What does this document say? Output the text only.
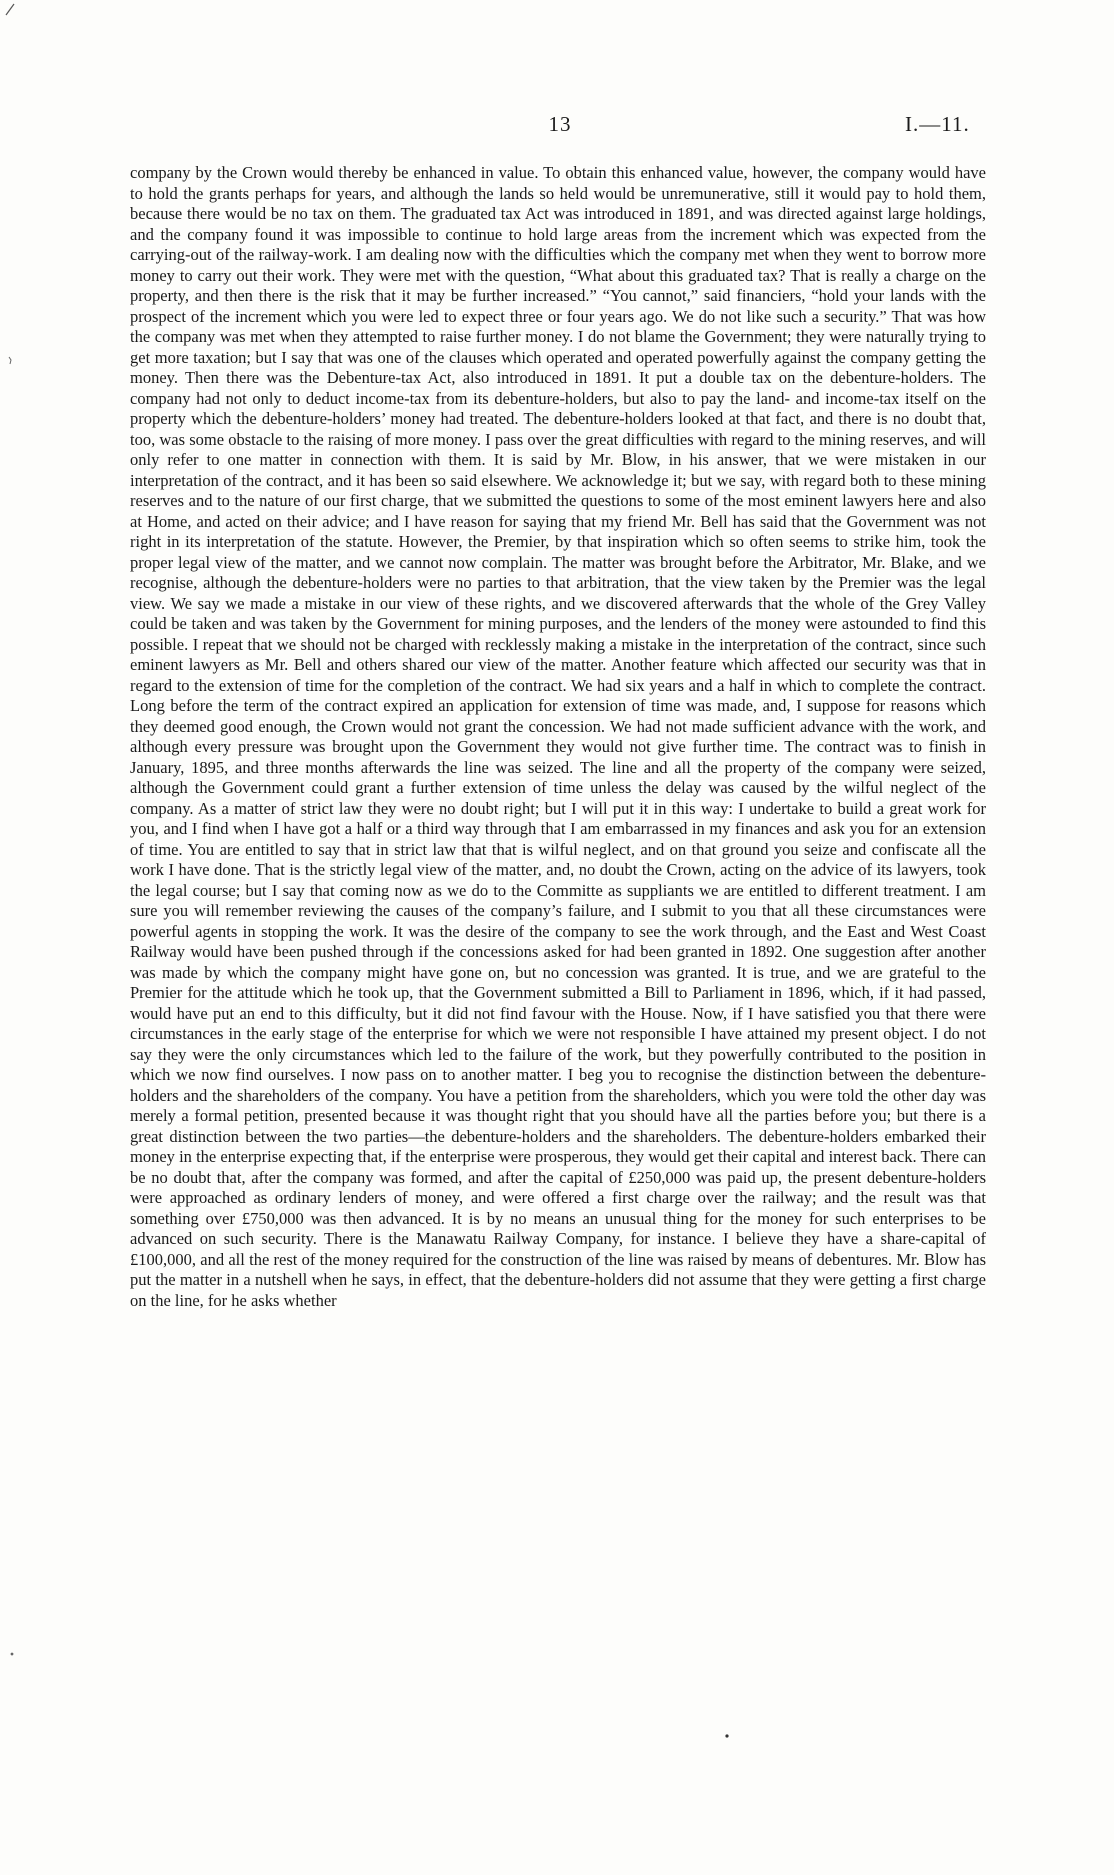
13	I.—11.

company by the Crown would thereby be enhanced in value. To obtain this enhanced value, however, the company would have to hold the grants perhaps for years, and although the lands so held would be unremunerative, still it would pay to hold them, because there would be no tax on them. The graduated tax Act was introduced in 1891, and was directed against large holdings, and the company found it was impossible to continue to hold large areas from the increment which was expected from the carrying-out of the railway-work. I am dealing now with the difficulties which the company met when they went to borrow more money to carry out their work. They were met with the question, “What about this graduated tax? That is really a charge on the property, and then there is the risk that it may be further increased.” “You cannot,” said financiers, “hold your lands with the prospect of the increment which you were led to expect three or four years ago. We do not like such a security.” That was how the company was met when they attempted to raise further money. I do not blame the Government; they were naturally trying to get more taxation; but I say that was one of the clauses which operated and operated powerfully against the company getting the money. Then there was the Debenture-tax Act, also introduced in 1891. It put a double tax on the debenture-holders. The company had not only to deduct income-tax from its debenture-holders, but also to pay the land- and income-tax itself on the property which the debenture-holders’ money had treated. The debenture-holders looked at that fact, and there is no doubt that, too, was some obstacle to the raising of more money. I pass over the great difficulties with regard to the mining reserves, and will only refer to one matter in connection with them. It is said by Mr. Blow, in his answer, that we were mistaken in our interpretation of the contract, and it has been so said elsewhere. We acknowledge it; but we say, with regard both to these mining reserves and to the nature of our first charge, that we submitted the questions to some of the most eminent lawyers here and also at Home, and acted on their advice; and I have reason for saying that my friend Mr. Bell has said that the Government was not right in its interpretation of the statute. However, the Premier, by that inspiration which so often seems to strike him, took the proper legal view of the matter, and we cannot now complain. The matter was brought before the Arbitrator, Mr. Blake, and we recognise, although the debenture-holders were no parties to that arbitration, that the view taken by the Premier was the legal view. We say we made a mistake in our view of these rights, and we discovered afterwards that the whole of the Grey Valley could be taken and was taken by the Government for mining purposes, and the lenders of the money were astounded to find this possible. I repeat that we should not be charged with recklessly making a mistake in the interpretation of the contract, since such eminent lawyers as Mr. Bell and others shared our view of the matter. Another feature which affected our security was that in regard to the extension of time for the completion of the contract. We had six years and a half in which to complete the contract. Long before the term of the contract expired an application for extension of time was made, and, I suppose for reasons which they deemed good enough, the Crown would not grant the concession. We had not made sufficient advance with the work, and although every pressure was brought upon the Government they would not give further time. The contract was to finish in January, 1895, and three months afterwards the line was seized. The line and all the property of the company were seized, although the Government could grant a further extension of time unless the delay was caused by the wilful neglect of the company. As a matter of strict law they were no doubt right; but I will put it in this way: I undertake to build a great work for you, and I find when I have got a half or a third way through that I am embarrassed in my finances and ask you for an extension of time. You are entitled to say that in strict law that that is wilful neglect, and on that ground you seize and confiscate all the work I have done. That is the strictly legal view of the matter, and, no doubt the Crown, acting on the advice of its lawyers, took the legal course; but I say that coming now as we do to the Committe as suppliants we are entitled to different treatment. I am sure you will remember reviewing the causes of the company’s failure, and I submit to you that all these circumstances were powerful agents in stopping the work. It was the desire of the company to see the work through, and the East and West Coast Railway would have been pushed through if the concessions asked for had been granted in 1892. One suggestion after another was made by which the company might have gone on, but no concession was granted. It is true, and we are grateful to the Premier for the attitude which he took up, that the Government submitted a Bill to Parliament in 1896, which, if it had passed, would have put an end to this difficulty, but it did not find favour with the House. Now, if I have satisfied you that there were circumstances in the early stage of the enterprise for which we were not responsible I have attained my present object. I do not say they were the only circumstances which led to the failure of the work, but they powerfully contributed to the position in which we now find ourselves. I now pass on to another matter. I beg you to recognise the distinction between the debenture-holders and the shareholders of the company. You have a petition from the shareholders, which you were told the other day was merely a formal petition, presented because it was thought right that you should have all the parties before you; but there is a great distinction between the two parties—the debenture-holders and the shareholders. The debenture-holders embarked their money in the enterprise expecting that, if the enterprise were prosperous, they would get their capital and interest back. There can be no doubt that, after the company was formed, and after the capital of £250,000 was paid up, the present debenture-holders were approached as ordinary lenders of money, and were offered a first charge over the railway; and the result was that something over £750,000 was then advanced. It is by no means an unusual thing for the money for such enterprises to be advanced on such security. There is the Manawatu Railway Company, for instance. I believe they have a share-capital of £100,000, and all the rest of the money required for the construction of the line was raised by means of debentures. Mr. Blow has put the matter in a nutshell when he says, in effect, that the debenture-holders did not assume that they were getting a first charge on the line, for he asks whether
